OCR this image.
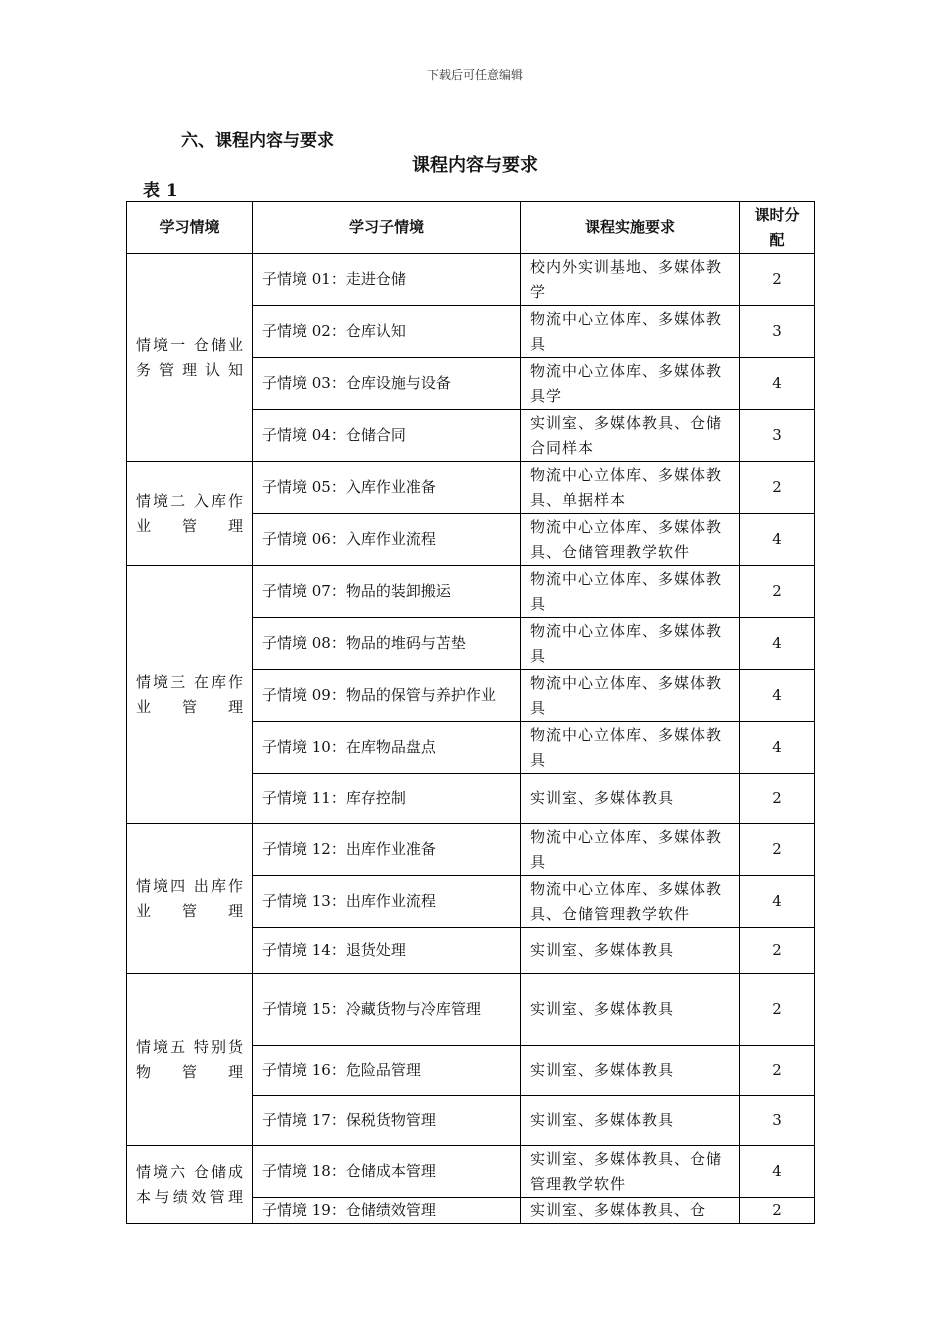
下载后可任意编辑
六、课程内容与要求
课程内容与要求
表 1
学习情境	学习子情境	课程实施要求	课时分配
情境一 仓储业务管理认知	子情境 01：走进仓储	校内外实训基地、多媒体教学	2
	子情境 02：仓库认知	物流中心立体库、多媒体教具	3
	子情境 03：仓库设施与设备	物流中心立体库、多媒体教具学	4
	子情境 04：仓储合同	实训室、多媒体教具、仓储合同样本	3
情境二 入库作业管理	子情境 05：入库作业准备	物流中心立体库、多媒体教具、单据样本	2
	子情境 06：入库作业流程	物流中心立体库、多媒体教具、仓储管理教学软件	4
情境三 在库作业管理	子情境 07：物品的装卸搬运	物流中心立体库、多媒体教具	2
	子情境 08：物品的堆码与苫垫	物流中心立体库、多媒体教具	4
	子情境 09：物品的保管与养护作业	物流中心立体库、多媒体教具	4
	子情境 10：在库物品盘点	物流中心立体库、多媒体教具	4
	子情境 11：库存控制	实训室、多媒体教具	2
情境四 出库作业管理	子情境 12：出库作业准备	物流中心立体库、多媒体教具	2
	子情境 13：出库作业流程	物流中心立体库、多媒体教具、仓储管理教学软件	4
	子情境 14：退货处理	实训室、多媒体教具	2
情境五 特别货物管理	子情境 15：冷藏货物与冷库管理	实训室、多媒体教具	2
	子情境 16：危险品管理	实训室、多媒体教具	2
	子情境 17：保税货物管理	实训室、多媒体教具	3
情境六 仓储成本与绩效管理	子情境 18：仓储成本管理	实训室、多媒体教具、仓储管理教学软件	4
	子情境 19：仓储绩效管理	实训室、多媒体教具、仓	2
